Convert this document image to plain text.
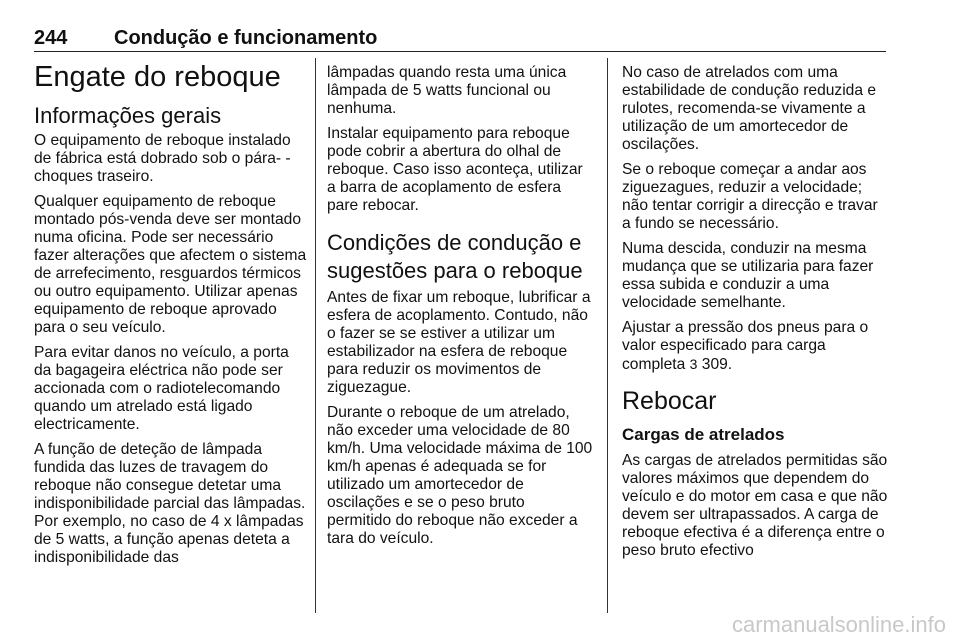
244 Condução e funcionamento
Engate do reboque
Informações gerais

O equipamento de reboque instalado de fábrica está dobrado sob o pára- -choques traseiro.

Qualquer equipamento de reboque montado pós-venda deve ser montado numa oficina. Pode ser necessário fazer alterações que afectem o sistema de arrefecimento, resguardos térmicos ou outro equipamento. Utilizar apenas equipamento de reboque aprovado para o seu veículo.

Para evitar danos no veículo, a porta da bagageira eléctrica não pode ser accionada com o radiotelecomando quando um atrelado está ligado electricamente.

A função de deteção de lâmpada fundida das luzes de travagem do reboque não consegue detetar uma indisponibilidade parcial das lâmpadas. Por exemplo, no caso de 4 x lâmpadas de 5 watts, a função apenas deteta a indisponibilidade das

lâmpadas quando resta uma única lâmpada de 5 watts funcional ou nenhuma.

Instalar equipamento para reboque pode cobrir a abertura do olhal de reboque. Caso isso aconteça, utilizar a barra de acoplamento de esfera pare rebocar.

Condições de condução e sugestões para o reboque

Antes de fixar um reboque, lubrificar a esfera de acoplamento. Contudo, não o fazer se se estiver a utilizar um estabilizador na esfera de reboque para reduzir os movimentos de ziguezague.

Durante o reboque de um atrelado, não exceder uma velocidade de 80 km/h. Uma velocidade máxima de 100 km/h apenas é adequada se for utilizado um amortecedor de oscilações e se o peso bruto permitido do reboque não exceder a tara do veículo.

No caso de atrelados com uma estabilidade de condução reduzida e rulotes, recomenda-se vivamente a utilização de um amortecedor de oscilações.

Se o reboque começar a andar aos ziguezagues, reduzir a velocidade; não tentar corrigir a direcção e travar a fundo se necessário.

Numa descida, conduzir na mesma mudança que se utilizaria para fazer essa subida e conduzir a uma velocidade semelhante.

Ajustar a pressão dos pneus para o valor especificado para carga completa 3 309.

Rebocar
Cargas de atrelados

As cargas de atrelados permitidas são valores máximos que dependem do veículo e do motor em casa e que não devem ser ultrapassados. A carga de reboque efectiva é a diferença entre o peso bruto efectivo

carmanualsonline.info
